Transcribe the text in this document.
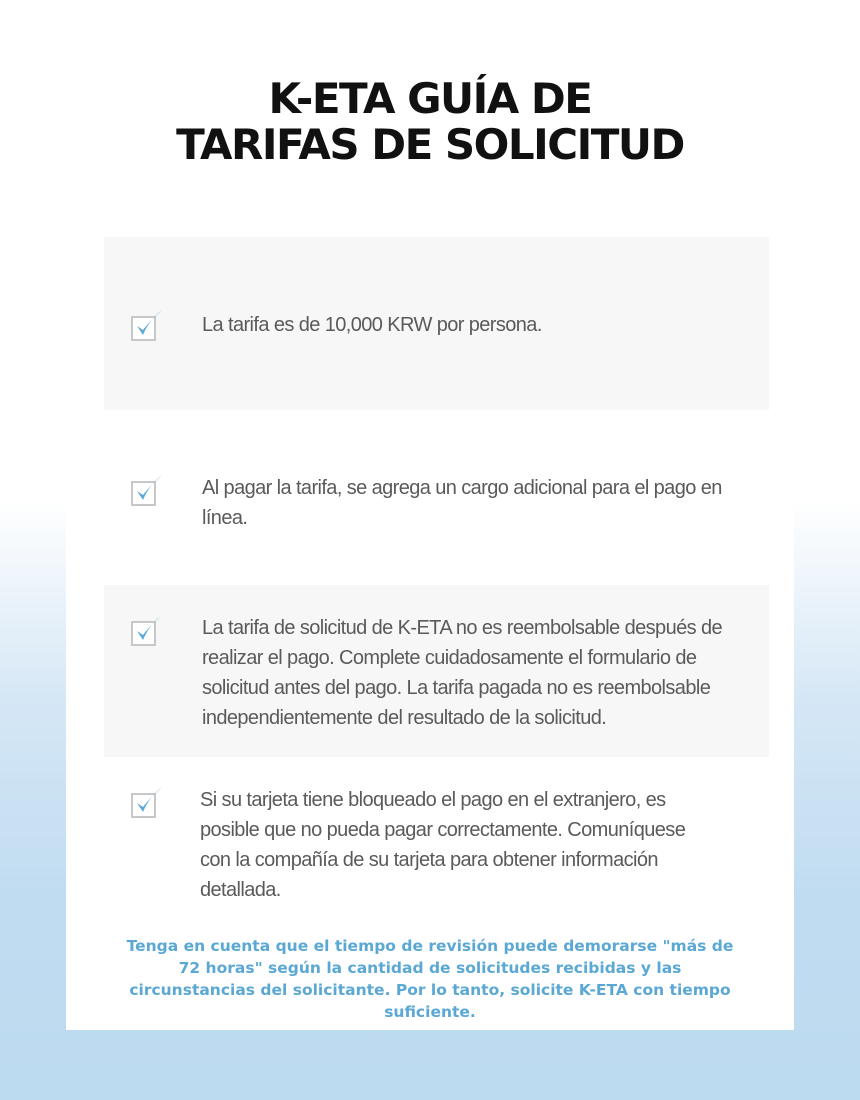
K-ETA GUÍA DE
TARIFAS DE SOLICITUD
La tarifa es de 10,000 KRW por persona.
Al pagar la tarifa, se agrega un cargo adicional para el pago en línea.
La tarifa de solicitud de K-ETA no es reembolsable después de realizar el pago. Complete cuidadosamente el formulario de solicitud antes del pago. La tarifa pagada no es reembolsable independientemente del resultado de la solicitud.
Si su tarjeta tiene bloqueado el pago en el extranjero, es posible que no pueda pagar correctamente. Comuníquese con la compañía de su tarjeta para obtener información detallada.

Tenga en cuenta que el tiempo de revisión puede demorarse "más de 72 horas" según la cantidad de solicitudes recibidas y las circunstancias del solicitante. Por lo tanto, solicite K-ETA con tiempo suficiente.
